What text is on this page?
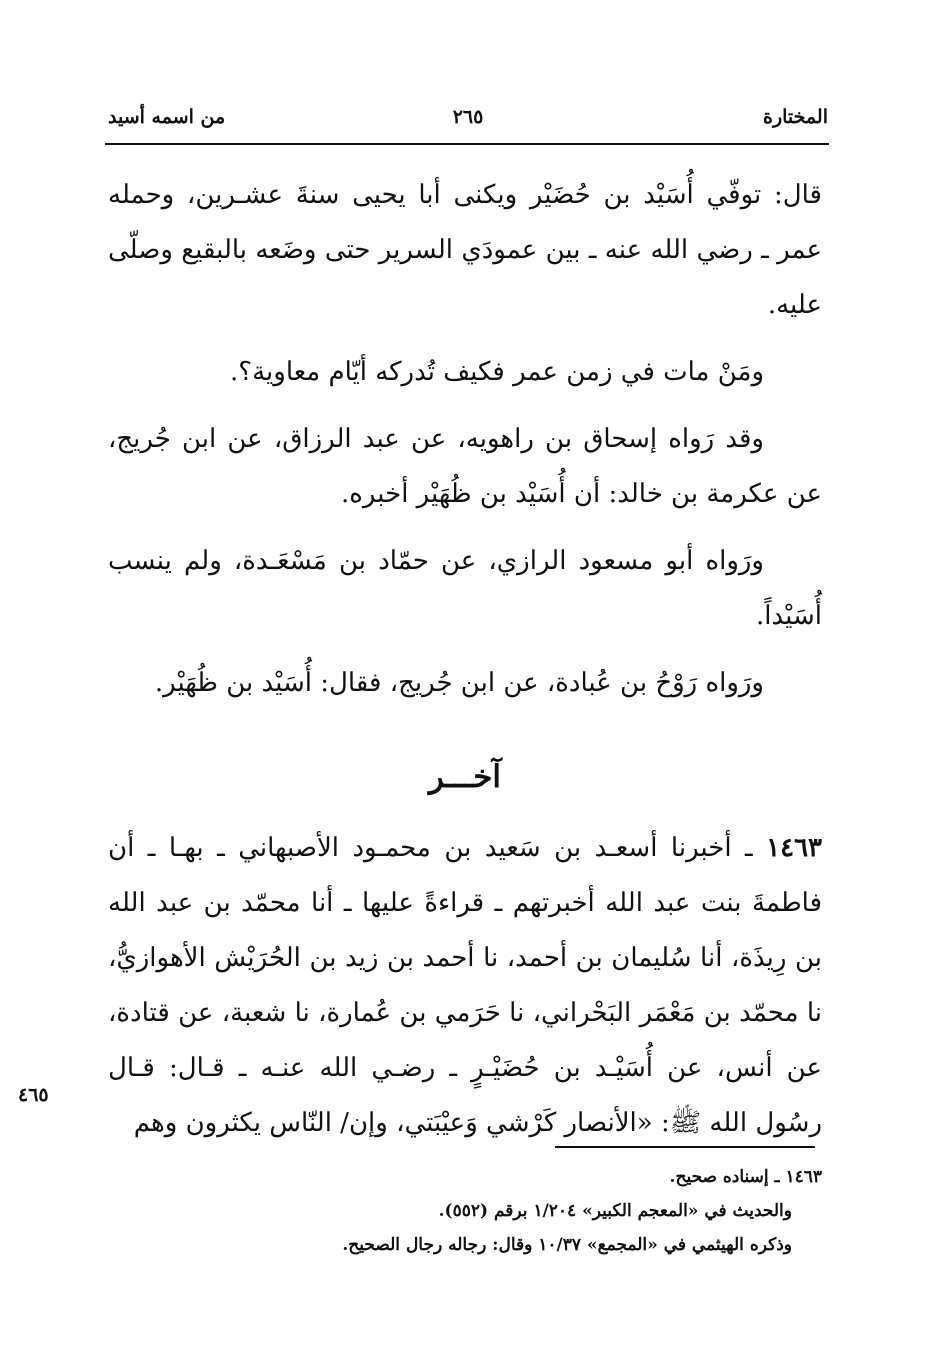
المختارة
٢٦٥
من اسمه أسيد

قال: توفّي أُسَيْد بن حُضَيْر ويكنى أبا يحيى سنةَ عشـرين، وحمله عمر ـ رضي الله عنه ـ بين عمودَي السرير حتى وضَعه بالبقيع وصلّى عليه.

ومَنْ مات في زمن عمر فكيف تُدركه أيّام معاوية؟.

وقد رَواه إسحاق بن راهويه، عن عبد الرزاق، عن ابن جُريج، عن عكرمة بن خالد: أن أُسَيْد بن ظُهَيْر أخبره.

ورَواه أبو مسعود الرازي، عن حمّاد بن مَسْعَـدة، ولم ينسب أُسَيْداً.

ورَواه رَوْحُ بن عُبادة، عن ابن جُريج، فقال: أُسَيْد بن ظُهَيْر.

آخـــر

١٤٦٣ ـ أخبرنا أسعـد بن سَعيد بن محمـود الأصبهاني ـ بهـا ـ أن فاطمةَ بنت عبد الله أخبرتهم ـ قراءةً عليها ـ أنا محمّد بن عبد الله بن رِيذَة، أنا سُليمان بن أحمد، نا أحمد بن زيد بن الحُرَيْش الأهوازيُّ، نا محمّد بن مَعْمَر البَحْراني، نا حَرَمي بن عُمارة، نا شعبة، عن قتادة، عن أنس، عن أُسَيْـد بن حُضَيْـرٍ ـ رضـي الله عنـه ـ قـال: قـال رسُول الله ﷺ: «الأنصار كَرْشي وَعيْبَتي، وإن/ النّاس يكثرون وهم

٤٦٥

١٤٦٣ ـ إسناده صحيح.

والحديث في «المعجم الكبير» ١/٢٠٤ برقم (٥٥٢).

وذكره الهيثمي في «المجمع» ١٠/٣٧ وقال: رجاله رجال الصحيح.
